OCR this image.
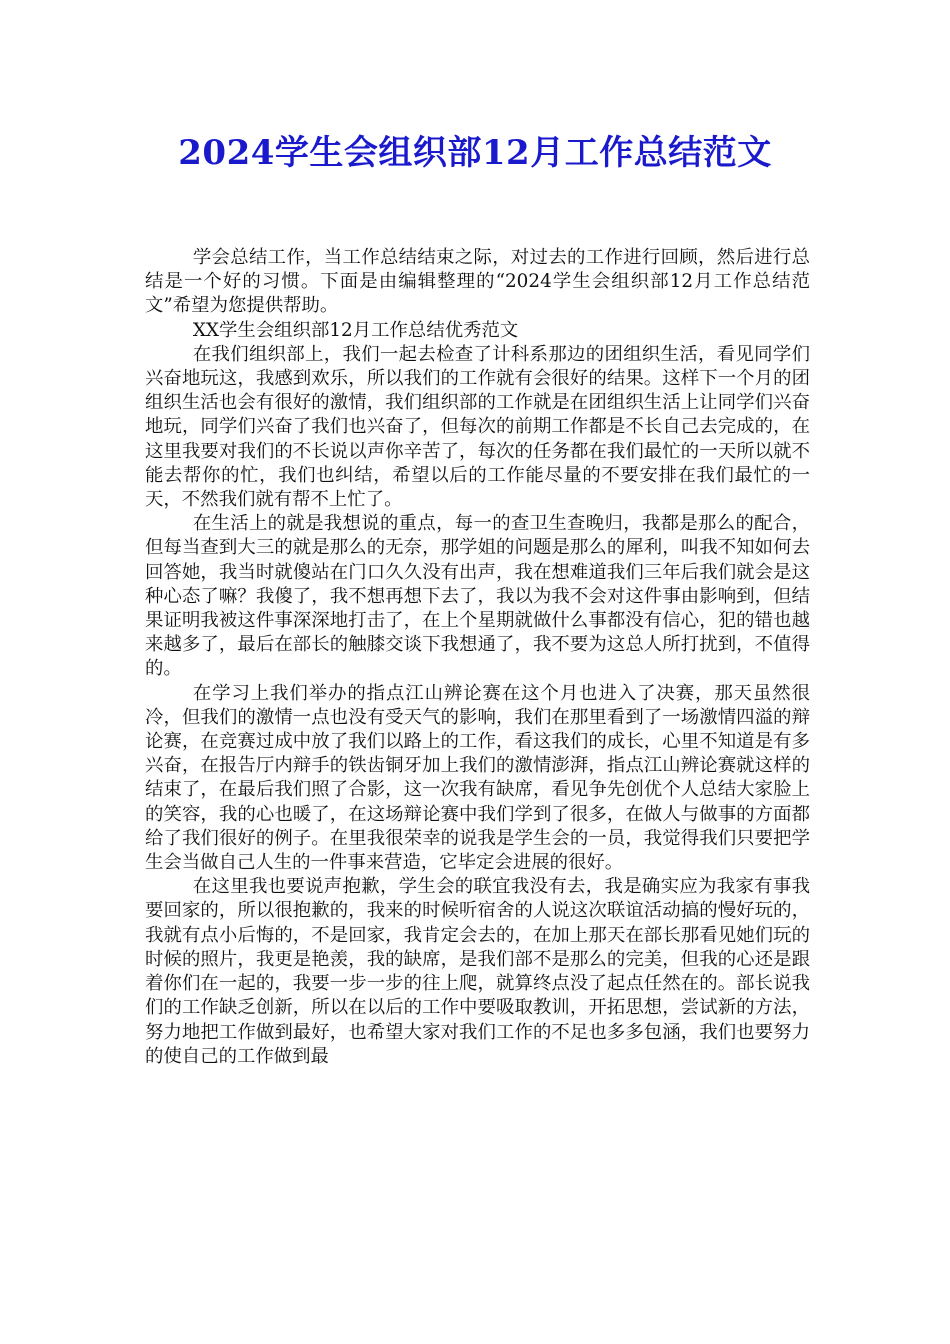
2024学生会组织部12月工作总结范文

学会总结工作，当工作总结结束之际，对过去的工作进行回顾，然后进行总结是一个好的习惯。下面是由编辑整理的“2024学生会组织部12月工作总结范文”希望为您提供帮助。

XX学生会组织部12月工作总结优秀范文

在我们组织部上，我们一起去检查了计科系那边的团组织生活，看见同学们兴奋地玩这，我感到欢乐，所以我们的工作就有会很好的结果。这样下一个月的团组织生活也会有很好的激情，我们组织部的工作就是在团组织生活上让同学们兴奋地玩，同学们兴奋了我们也兴奋了，但每次的前期工作都是不长自己去完成的，在这里我要对我们的不长说以声你辛苦了，每次的任务都在我们最忙的一天所以就不能去帮你的忙，我们也纠结，希望以后的工作能尽量的不要安排在我们最忙的一天，不然我们就有帮不上忙了。

在生活上的就是我想说的重点，每一的查卫生查晚归，我都是那么的配合，但每当查到大三的就是那么的无奈，那学姐的问题是那么的犀利，叫我不知如何去回答她，我当时就傻站在门口久久没有出声，我在想难道我们三年后我们就会是这种心态了嘛？我傻了，我不想再想下去了，我以为我不会对这件事由影响到，但结果证明我被这件事深深地打击了，在上个星期就做什么事都没有信心，犯的错也越来越多了，最后在部长的触膝交谈下我想通了，我不要为这总人所打扰到，不值得的。

在学习上我们举办的指点江山辨论赛在这个月也进入了决赛，那天虽然很冷，但我们的激情一点也没有受天气的影响，我们在那里看到了一场激情四溢的辩论赛，在竞赛过成中放了我们以路上的工作，看这我们的成长，心里不知道是有多兴奋，在报告厅内辩手的铁齿铜牙加上我们的激情澎湃，指点江山辨论赛就这样的结束了，在最后我们照了合影，这一次我有缺席，看见争先创优个人总结大家脸上的笑容，我的心也暖了，在这场辩论赛中我们学到了很多，在做人与做事的方面都给了我们很好的例子。在里我很荣幸的说我是学生会的一员，我觉得我们只要把学生会当做自己人生的一件事来营造，它毕定会进展的很好。

在这里我也要说声抱歉，学生会的联宜我没有去，我是确实应为我家有事我要回家的，所以很抱歉的，我来的时候听宿舍的人说这次联谊活动搞的慢好玩的，我就有点小后悔的，不是回家，我肯定会去的，在加上那天在部长那看见她们玩的时候的照片，我更是艳羡，我的缺席，是我们部不是那么的完美，但我的心还是跟着你们在一起的，我要一步一步的往上爬，就算终点没了起点任然在的。部长说我们的工作缺乏创新，所以在以后的工作中要吸取教训，开拓思想，尝试新的方法，努力地把工作做到最好，也希望大家对我们工作的不足也多多包涵，我们也要努力的使自己的工作做到最
